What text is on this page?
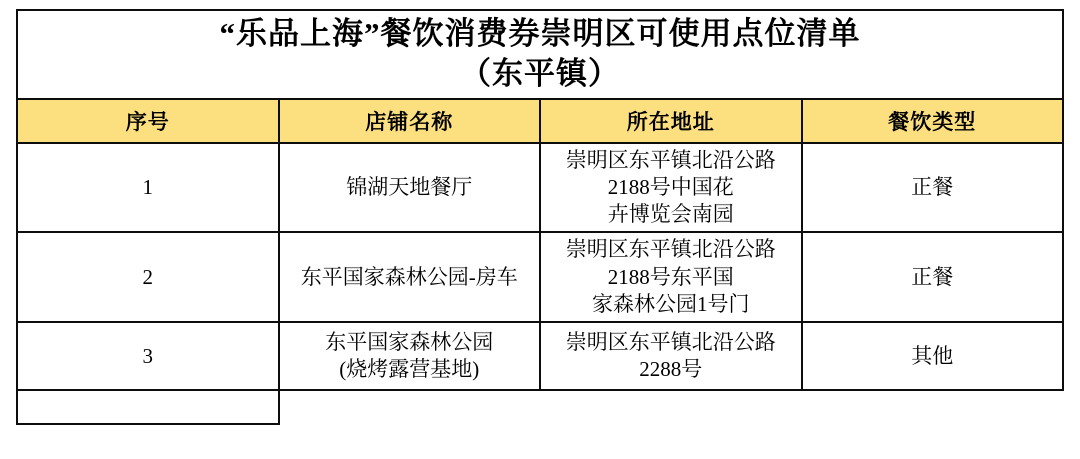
“乐品上海”餐饮消费券崇明区可使用点位清单
（东平镇）			

序号	店铺名称	所在地址	餐饮类型
1	锦湖天地餐厅	崇明区东平镇北沿公路2188号中国花
卉博览会南园	正餐
2	东平国家森林公园-房车	崇明区东平镇北沿公路2188号东平国
家森林公园1号门	正餐
3	东平国家森林公园
(烧烤露营基地)	崇明区东平镇北沿公路2288号	其他
